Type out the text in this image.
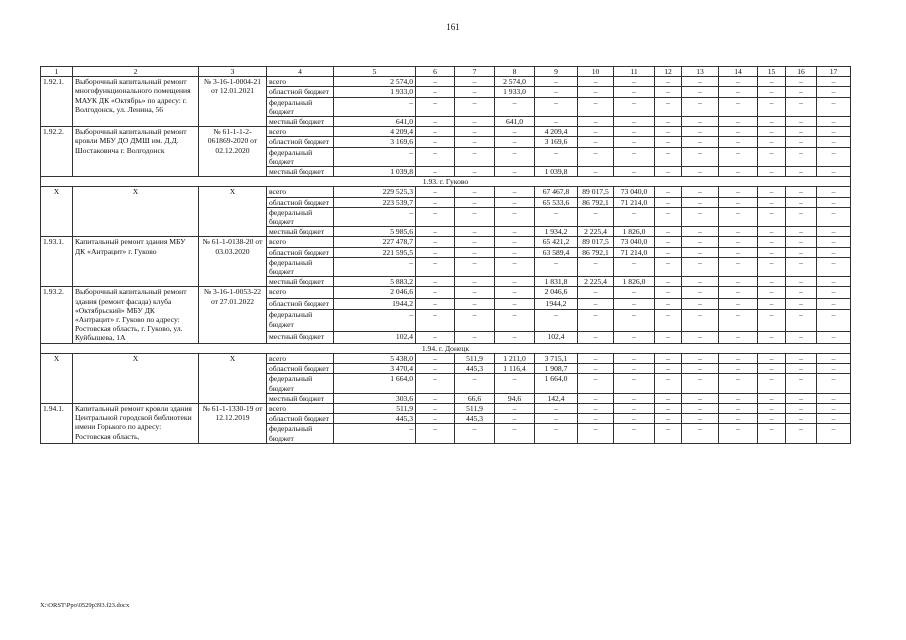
161
1	2	3	4	5	6	7	8	9	10	11	12	13	14	15	16	17
1.92.1.	Выборочный капитальный ремонт многофункционального помещения МАУК ДК «Октябрь» по адресу: г. Волгодонск, ул. Ленина, 56	№ 3-16-1-0004-21 от 12.01.2021	всего	2 574,0	–	–	2 574,0	–	–	–	–	–	–	–	–	–
			областной бюджет	1 933,0	–	–	1 933,0	–	–	–	–	–	–	–	–	–
			федеральный бюджет	–	–	–	–	–	–	–	–	–	–	–	–	–
			местный бюджет	641,0	–	–	641,0	–	–	–	–	–	–	–	–	–
1.92.2.	Выборочный капитальный ремонт кровли МБУ ДО ДМШ им. Д.Д. Шостаковича г. Волгодонск	№ 61-1-1-2-061869-2020 от 02.12.2020	всего	4 209,4	–	–	–	4 209,4	–	–	–	–	–	–	–	–
			областной бюджет	3 169,6	–	–	–	3 169,6	–	–	–	–	–	–	–	–
			федеральный бюджет	–	–	–	–	–	–	–	–	–	–	–	–	–
			местный бюджет	1 039,8	–	–	–	1 039,8	–	–	–	–	–	–	–	–
1.93. г. Гуково																
Х	Х	Х	всего	229 525,3	–	–	–	67 467,8	89 017,5	73 040,0	–	–	–	–	–	–
			областной бюджет	223 539,7	–	–	–	65 533,6	86 792,1	71 214,0	–	–	–	–	–	–
			федеральный бюджет	–	–	–	–	–	–	–	–	–	–	–	–	–
			местный бюджет	5 985,6	–	–	–	1 934,2	2 225,4	1 826,0	–	–	–	–	–	–
1.93.1.	Капитальный ремонт здания МБУ ДК «Антрацит» г. Гуково	№ 61-1-0138-20 от 03.03.2020	всего	227 478,7	–	–	–	65 421,2	89 017,5	73 040,0	–	–	–	–	–	–
			областной бюджет	221 595,5	–	–	–	63 589,4	86 792,1	71 214,0	–	–	–	–	–	–
			федеральный бюджет	–	–	–	–	–	–	–	–	–	–	–	–	–
			местный бюджет	5 883,2	–	–	–	1 831,8	2 225,4	1 826,0	–	–	–	–	–	–
1.93.2.	Выборочный капитальный ремонт здания (ремонт фасада) клуба «Октябрьский» МБУ ДК «Антрацит» г. Гуково по адресу: Ростовская область, г. Гуково, ул. Куйбышева, 1А	№ 3-16-1-0053-22 от 27.01.2022	всего	2 046,6	–	–	–	2 046,6	–	–	–	–	–	–	–	–
			областной бюджет	1944,2	–	–	–	1944,2	–	–	–	–	–	–	–	–
			федеральный бюджет	–	–	–	–	–	–	–	–	–	–	–	–	–
			местный бюджет	102,4	–	–	–	102,4	–	–	–	–	–	–	–	–
1.94. г. Донецк																
Х	Х	Х	всего	5 438,0	–	511,9	1 211,0	3 715,1	–	–	–	–	–	–	–	–
			областной бюджет	3 470,4	–	445,3	1 116,4	1 908,7	–	–	–	–	–	–	–	–
			федеральный бюджет	1 664,0	–	–	–	1 664,0	–	–	–	–	–	–	–	–
			местный бюджет	303,6	–	66,6	94,6	142,4	–	–	–	–	–	–	–	–
1.94.1.	Капитальный ремонт кровли здания Центральной городской библиотеки имени Горького по адресу: Ростовская область,	№ 61-1-1330-19 от 12.12.2019	всего	511,9	–	511,9	–	–	–	–	–	–	–	–	–	–
			областной бюджет	445,3	–	445,3	–	–	–	–	–	–	–	–	–	–
			федеральный бюджет	–	–	–	–	–	–	–	–	–	–	–	–	–
X:\ORST\Ppo\0529p393.f23.docx
